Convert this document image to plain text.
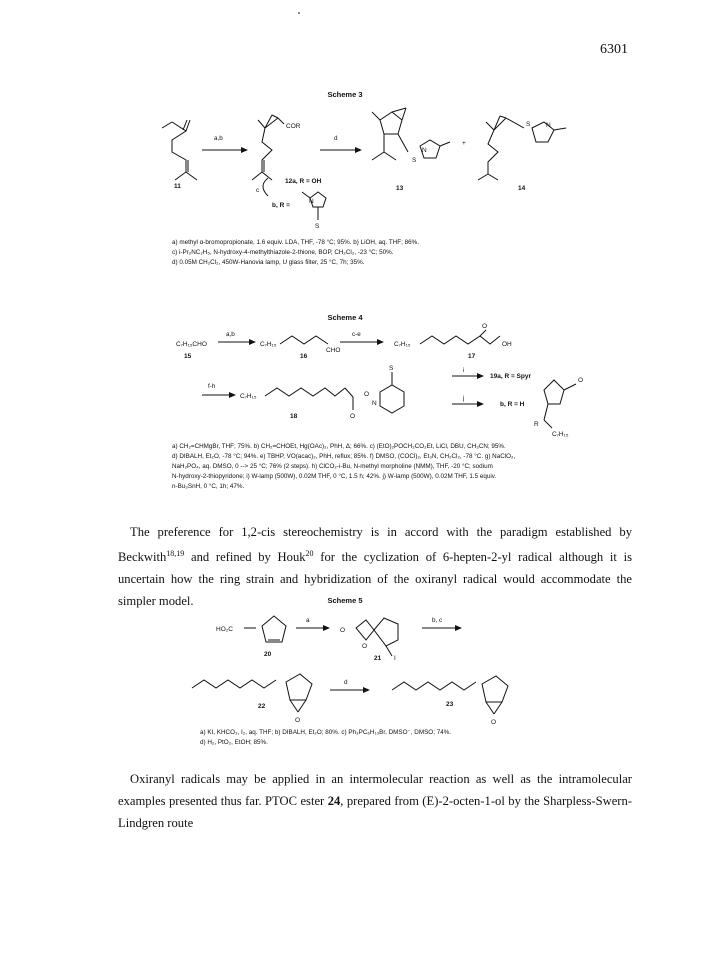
6301
a,b	d
c
COR
11
12a, R = OH
b, R =
N
S
N
S
13
+
S N
14
C₇H₁₅CHO
15
a,b
C₇H₁₅
CHO
16
c-e
C₇H₁₅	OH
O
17
f-h
C₇H₁₅	O
N
S
O
18
i
j
19a, R = Spyr
b, R = H
O
R
C₇H₁₅
HO₂C
20
a
O
O
21 I
b, c
22
O
d
23
O
Scheme 3
Scheme 4
Scheme 5
a) methyl α-bromopropionate, 1.6 equiv. LDA, THF, -78 °C; 95%. b) LiOH, aq. THF; 86%.
c) i-Pr₂NC₂H₅, N-hydroxy-4-methylthiazole-2-thione, BOP, CH₂Cl₂, -23 °C; 50%.
d) 0.05M CH₂Cl₂, 450W-Hanovia lamp, U glass filter, 25 °C, 7h; 35%.
a) CH₂=CHMgBr, THF; 75%. b) CH₂=CHOEt, Hg(OAc)₂, PhH, Δ; 66%. c) (EtO)₂POCH₂CO₂Et, LiCl, DBU, CH₃CN; 95%.
d) DIBALH, Et₂O, -78 °C; 94%. e) TBHP, VO(acac)₂, PhH, reflux; 85%. f) DMSO, (COCl)₂, Et₃N, CH₂Cl₂, -78 °C. g) NaClO₂,
NaH₂PO₄, aq. DMSO, 0 --> 25 °C; 76% (2 steps). h) ClCO₂-i-Bu, N-methyl morpholine (NMM), THF, -20 °C; sodium
N-hydroxy-2-thiopyridone; i) W-lamp (500W), 0.02M THF, 0 °C, 1.5 h; 42%. j) W-lamp (500W), 0.02M THF, 1.5 equiv.
n-Bu₃SnH, 0 °C, 1h; 47%.
The preference for 1,2-cis stereochemistry is in accord with the paradigm established by Beckwith$^{18,19}$ and refined by Houk$^{20}$ for the cyclization of 6-hepten-2-yl radical although it is uncertain how the ring strain and hybridization of the oxiranyl radical would accommodate the simpler model.
a) KI, KHCO₃, I₂, aq. THF; b) DIBALH, Et₂O; 80%. c) Ph₃PC₆H₁₃Br, DMSO⁻, DMSO; 74%.
d) H₂, PtO₂, EtOH; 85%.
Oxiranyl radicals may be applied in an intermolecular reaction as well as the intramolecular examples presented thus far. PTOC ester 24, prepared from (E)-2-octen-1-ol by the Sharpless-Swern-Lindgren route
